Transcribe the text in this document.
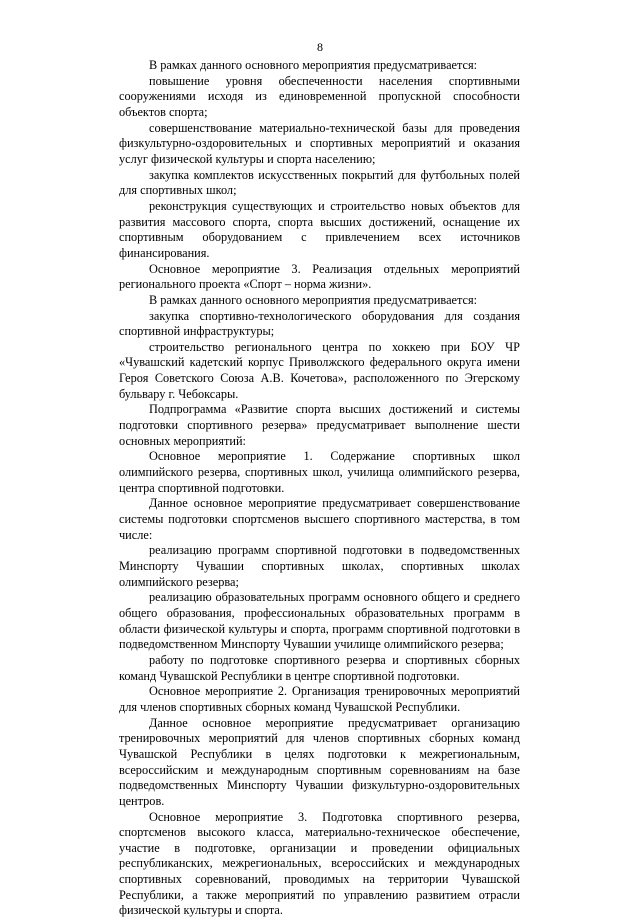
8

В рамках данного основного мероприятия предусматривается:

повышение уровня обеспеченности населения спортивными сооружениями исходя из единовременной пропускной способности объектов спорта;

совершенствование материально-технической базы для проведения физкультурно-оздоровительных и спортивных мероприятий и оказания услуг физической культуры и спорта населению;

закупка комплектов искусственных покрытий для футбольных полей для спортивных школ;

реконструкция существующих и строительство новых объектов для развития массового спорта, спорта высших достижений, оснащение их спортивным оборудованием с привлечением всех источников финансирования.

Основное мероприятие 3. Реализация отдельных мероприятий регионального проекта «Спорт – норма жизни».

В рамках данного основного мероприятия предусматривается:

закупка спортивно-технологического оборудования для создания спортивной инфраструктуры;

строительство регионального центра по хоккею при БОУ ЧР «Чувашский кадетский корпус Приволжского федерального округа имени Героя Советского Союза А.В. Кочетова», расположенного по Эгерскому бульвару г. Чебоксары.

Подпрограмма «Развитие спорта высших достижений и системы подготовки спортивного резерва» предусматривает выполнение шести основных мероприятий:

Основное мероприятие 1. Содержание спортивных школ олимпийского резерва, спортивных школ, училища олимпийского резерва, центра спортивной подготовки.

Данное основное мероприятие предусматривает совершенствование системы подготовки спортсменов высшего спортивного мастерства, в том числе:

реализацию программ спортивной подготовки в подведомственных Минспорту Чувашии спортивных школах, спортивных школах олимпийского резерва;

реализацию образовательных программ основного общего и среднего общего образования, профессиональных образовательных программ в области физической культуры и спорта, программ спортивной подготовки в подведомственном Минспорту Чувашии училище олимпийского резерва;

работу по подготовке спортивного резерва и спортивных сборных команд Чувашской Республики в центре спортивной подготовки.

Основное мероприятие 2. Организация тренировочных мероприятий для членов спортивных сборных команд Чувашской Республики.

Данное основное мероприятие предусматривает организацию тренировочных мероприятий для членов спортивных сборных команд Чувашской Республики в целях подготовки к межрегиональным, всероссийским и международным спортивным соревнованиям на базе подведомственных Минспорту Чувашии физкультурно-оздоровительных центров.

Основное мероприятие 3. Подготовка спортивного резерва, спортсменов высокого класса, материально-техническое обеспечение, участие в подготовке, организации и проведении официальных республиканских, межрегиональных, всероссийских и международных спортивных соревнований, проводимых на территории Чувашской Республики, а также мероприятий по управлению развитием отрасли физической культуры и спорта.
